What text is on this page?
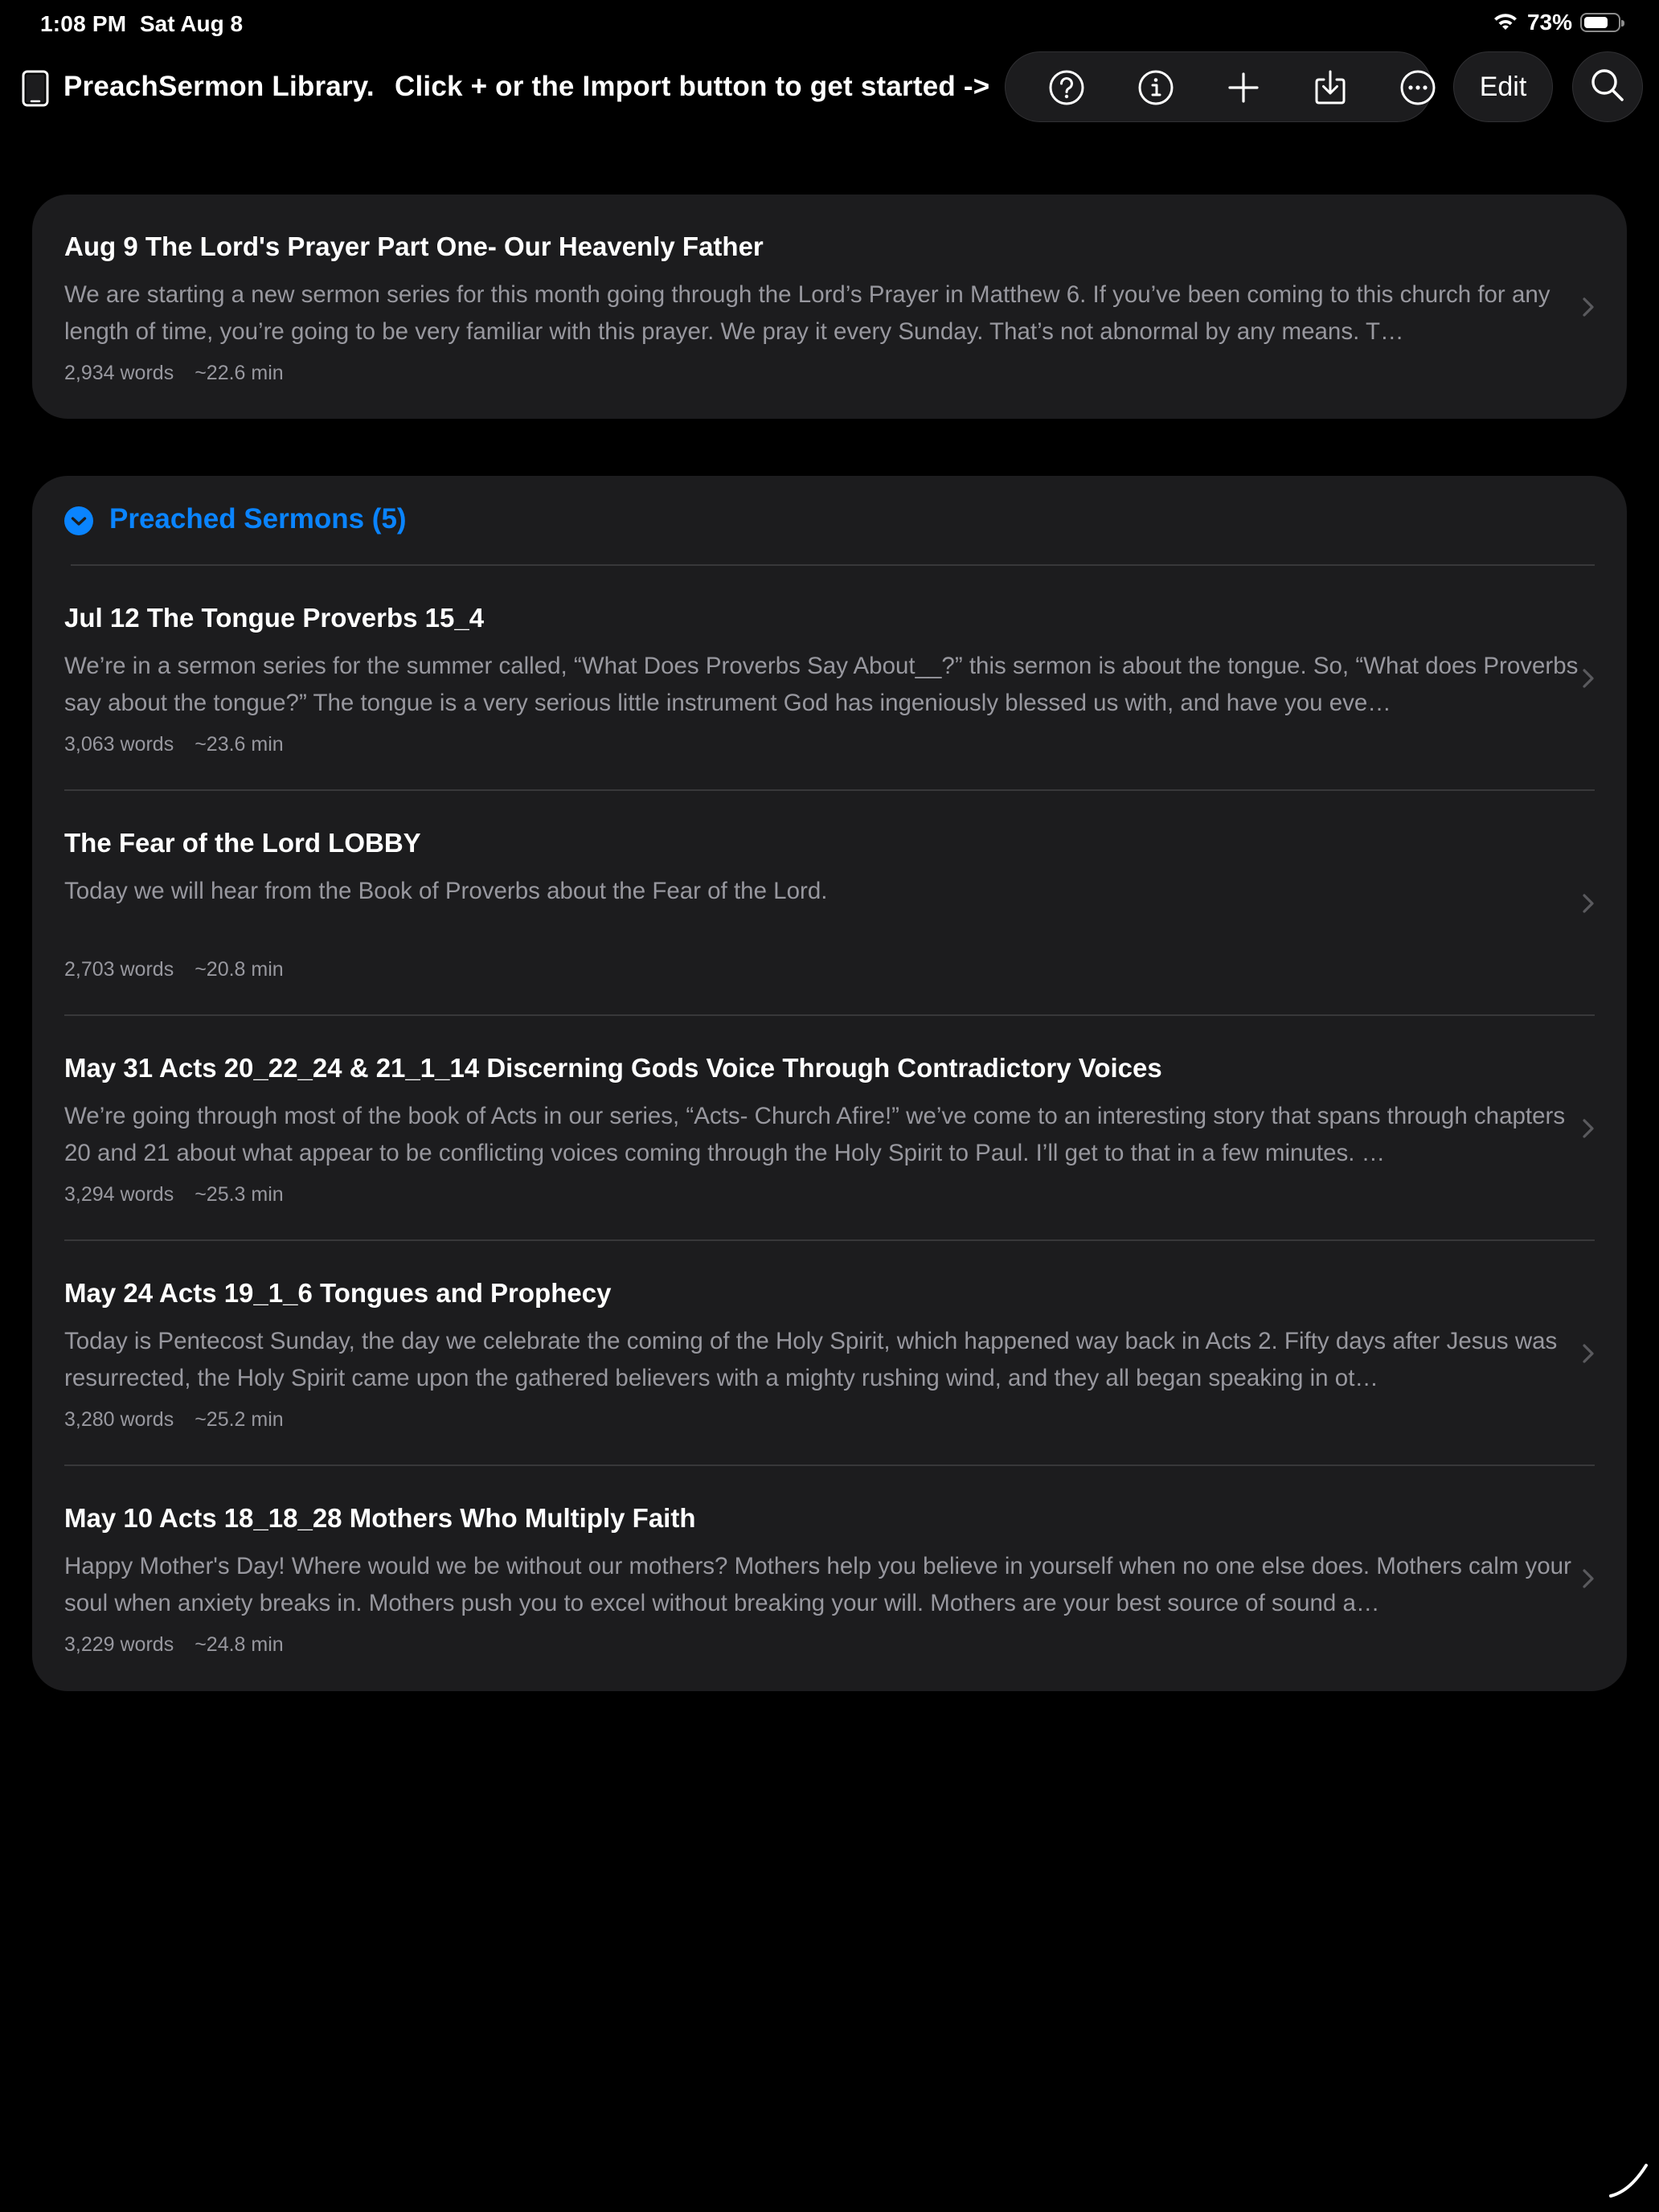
1:08 PM Sat Aug 8	73%
PreachSermon Library. Click + or the Import button to get started ->	Edit
Aug 9 The Lord's Prayer Part One- Our Heavenly Father
We are starting a new sermon series for this month going through the Lord’s Prayer in Matthew 6. If you’ve been coming to this church for any length of time, you’re going to be very familiar with this prayer. We pray it every Sunday. That’s not abnormal by any means. T…
2,934 words ~22.6 min
Preached Sermons (5)
Jul 12 The Tongue Proverbs 15_4
We’re in a sermon series for the summer called, “What Does Proverbs Say About__?” this sermon is about the tongue. So, “What does Proverbs say about the tongue?” The tongue is a very serious little instrument God has ingeniously blessed us with, and have you eve…
3,063 words ~23.6 min
The Fear of the Lord LOBBY
Today we will hear from the Book of Proverbs about the Fear of the Lord.
2,703 words ~20.8 min
May 31 Acts 20_22_24 & 21_1_14 Discerning Gods Voice Through Contradictory Voices
We’re going through most of the book of Acts in our series, “Acts- Church Afire!” we’ve come to an interesting story that spans through chapters 20 and 21 about what appear to be conflicting voices coming through the Holy Spirit to Paul. I’ll get to that in a few minutes. …
3,294 words ~25.3 min
May 24 Acts 19_1_6 Tongues and Prophecy
Today is Pentecost Sunday, the day we celebrate the coming of the Holy Spirit, which happened way back in Acts 2. Fifty days after Jesus was resurrected, the Holy Spirit came upon the gathered believers with a mighty rushing wind, and they all began speaking in ot…
3,280 words ~25.2 min
May 10 Acts 18_18_28 Mothers Who Multiply Faith
Happy Mother's Day! Where would we be without our mothers? Mothers help you believe in yourself when no one else does. Mothers calm your soul when anxiety breaks in. Mothers push you to excel without breaking your will. Mothers are your best source of sound a…
3,229 words ~24.8 min
